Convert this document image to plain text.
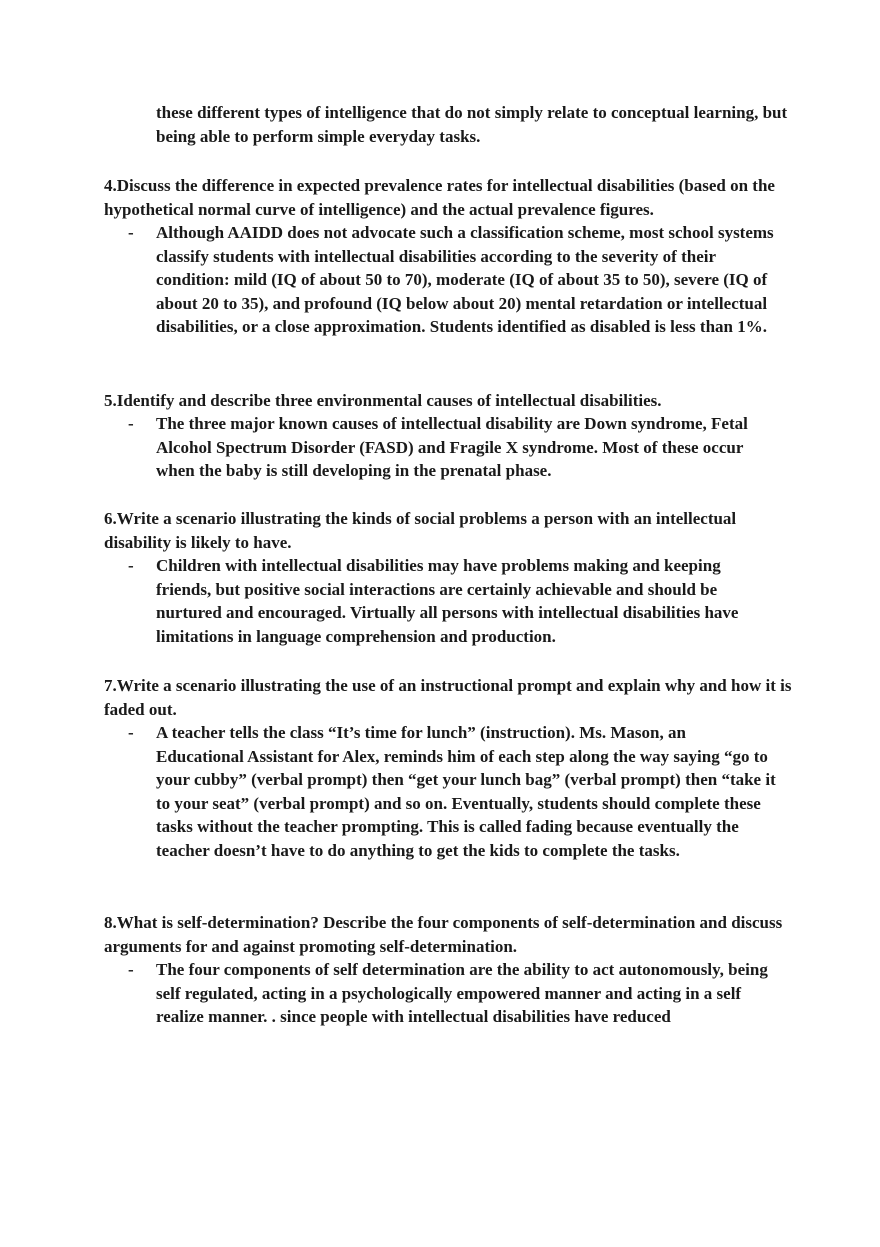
these different types of intelligence that do not simply relate to conceptual learning, but being able to perform simple everyday tasks.

4.Discuss the difference in expected prevalence rates for intellectual disabilities (based on the hypothetical normal curve of intelligence) and the actual prevalence figures.

- Although AAIDD does not advocate such a classification scheme, most school systems classify students with intellectual disabilities according to the severity of their condition: mild (IQ of about 50 to 70), moderate (IQ of about 35 to 50), severe (IQ of about 20 to 35), and profound (IQ below about 20) mental retardation or intellectual disabilities, or a close approximation. Students identified as disabled is less than 1%.

5.Identify and describe three environmental causes of intellectual disabilities.

- The three major known causes of intellectual disability are Down syndrome, Fetal Alcohol Spectrum Disorder (FASD) and Fragile X syndrome. Most of these occur when the baby is still developing in the prenatal phase.

6.Write a scenario illustrating the kinds of social problems a person with an intellectual disability is likely to have.

- Children with intellectual disabilities may have problems making and keeping friends, but positive social interactions are certainly achievable and should be nurtured and encouraged. Virtually all persons with intellectual disabilities have limitations in language comprehension and production.

7.Write a scenario illustrating the use of an instructional prompt and explain why and how it is faded out.

- A teacher tells the class “It’s time for lunch” (instruction). Ms. Mason, an Educational Assistant for Alex, reminds him of each step along the way saying “go to your cubby” (verbal prompt) then “get your lunch bag” (verbal prompt) then “take it to your seat” (verbal prompt) and so on. Eventually, students should complete these tasks without the teacher prompting. This is called fading because eventually the teacher doesn’t have to do anything to get the kids to complete the tasks.

8.What is self-determination? Describe the four components of self-determination and discuss arguments for and against promoting self-determination.

- The four components of self determination are the ability to act autonomously, being self regulated, acting in a psychologically empowered manner and acting in a self realize manner. . since people with intellectual disabilities have reduced
